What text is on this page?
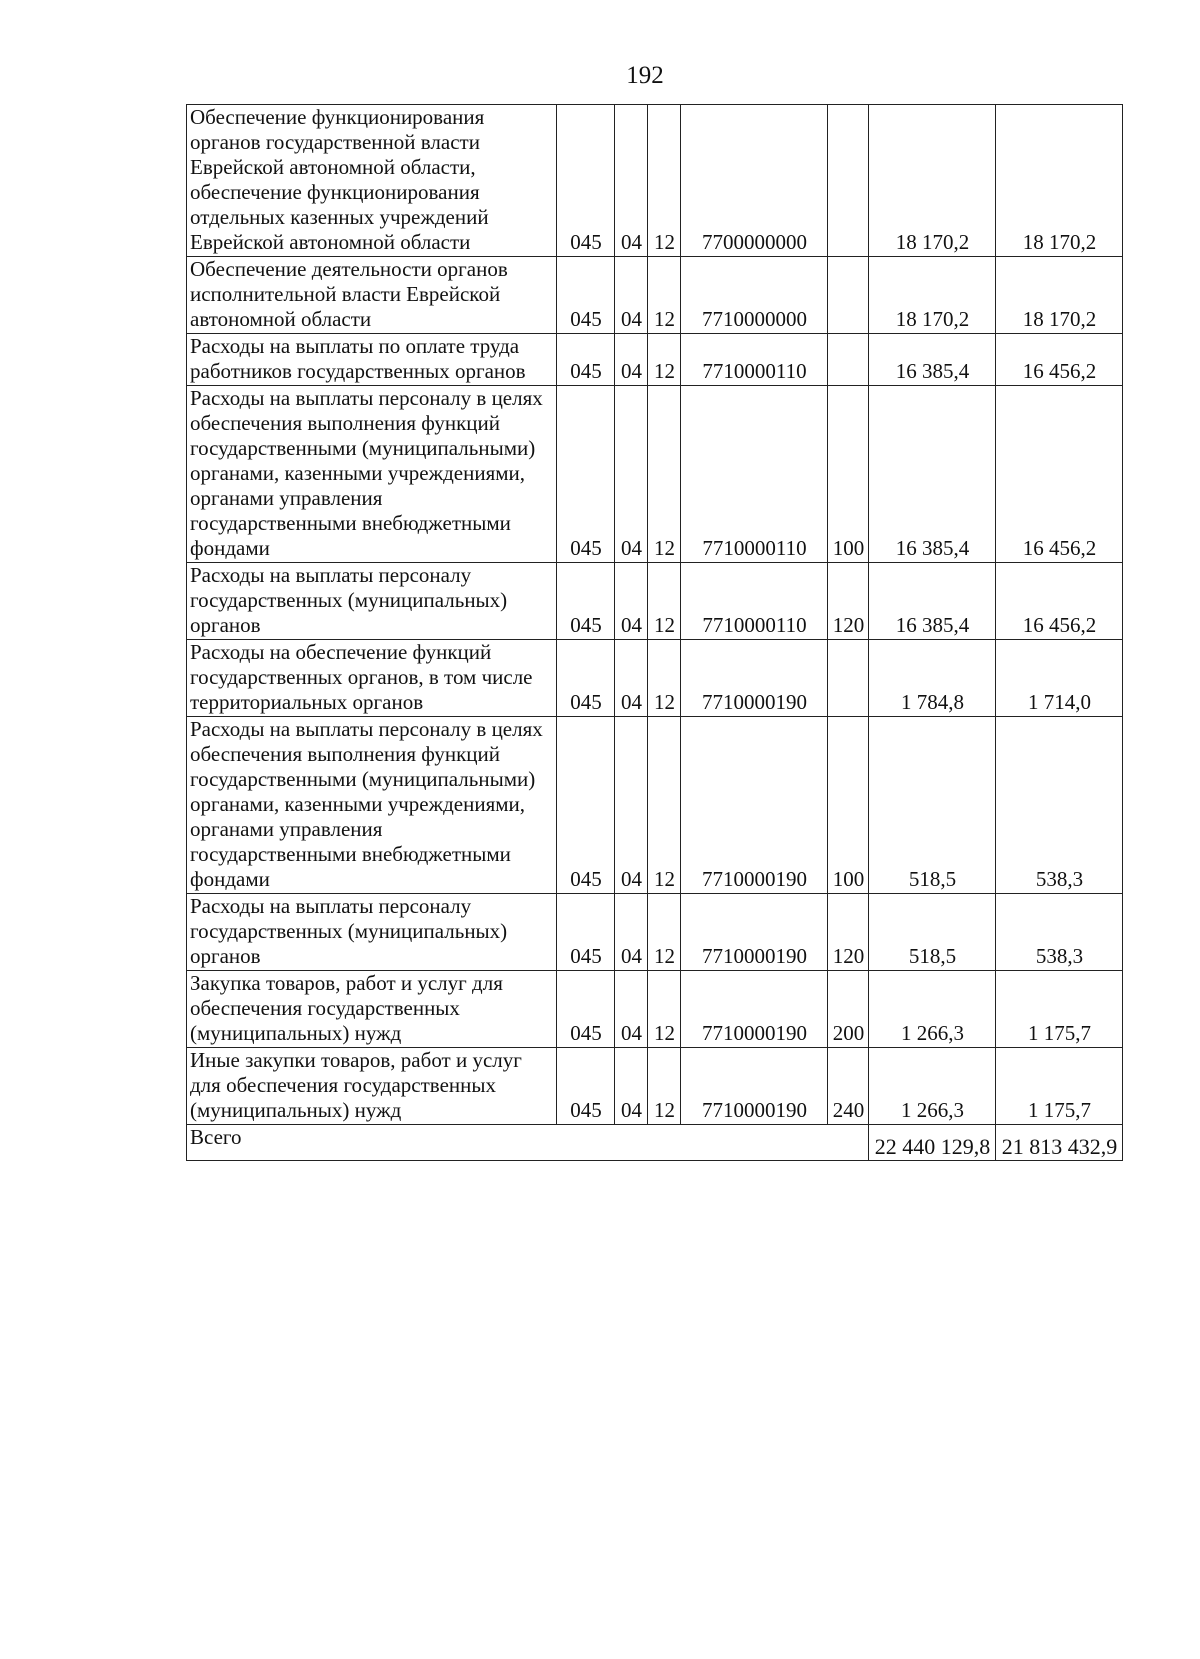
192
Обеспечение функционирования органов государственной власти Еврейской автономной области, обеспечение функционирования отдельных казенных учреждений Еврейской автономной области	045	04	12	7700000000		18 170,2	18 170,2
Обеспечение деятельности органов исполнительной власти Еврейской автономной области	045	04	12	7710000000		18 170,2	18 170,2
Расходы на выплаты по оплате труда работников государственных органов	045	04	12	7710000110		16 385,4	16 456,2
Расходы на выплаты персоналу в целях обеспечения выполнения функций государственными (муниципальными) органами, казенными учреждениями, органами управления государственными внебюджетными фондами	045	04	12	7710000110	100	16 385,4	16 456,2
Расходы на выплаты персоналу государственных (муниципальных) органов	045	04	12	7710000110	120	16 385,4	16 456,2
Расходы на обеспечение функций государственных органов, в том числе территориальных органов	045	04	12	7710000190		1 784,8	1 714,0
Расходы на выплаты персоналу в целях обеспечения выполнения функций государственными (муниципальными) органами, казенными учреждениями, органами управления государственными внебюджетными фондами	045	04	12	7710000190	100	518,5	538,3
Расходы на выплаты персоналу государственных (муниципальных) органов	045	04	12	7710000190	120	518,5	538,3
Закупка товаров, работ и услуг для обеспечения государственных (муниципальных) нужд	045	04	12	7710000190	200	1 266,3	1 175,7
Иные закупки товаров, работ и услуг для обеспечения государственных (муниципальных) нужд	045	04	12	7710000190	240	1 266,3	1 175,7
Всего						22 440 129,8	21 813 432,9
